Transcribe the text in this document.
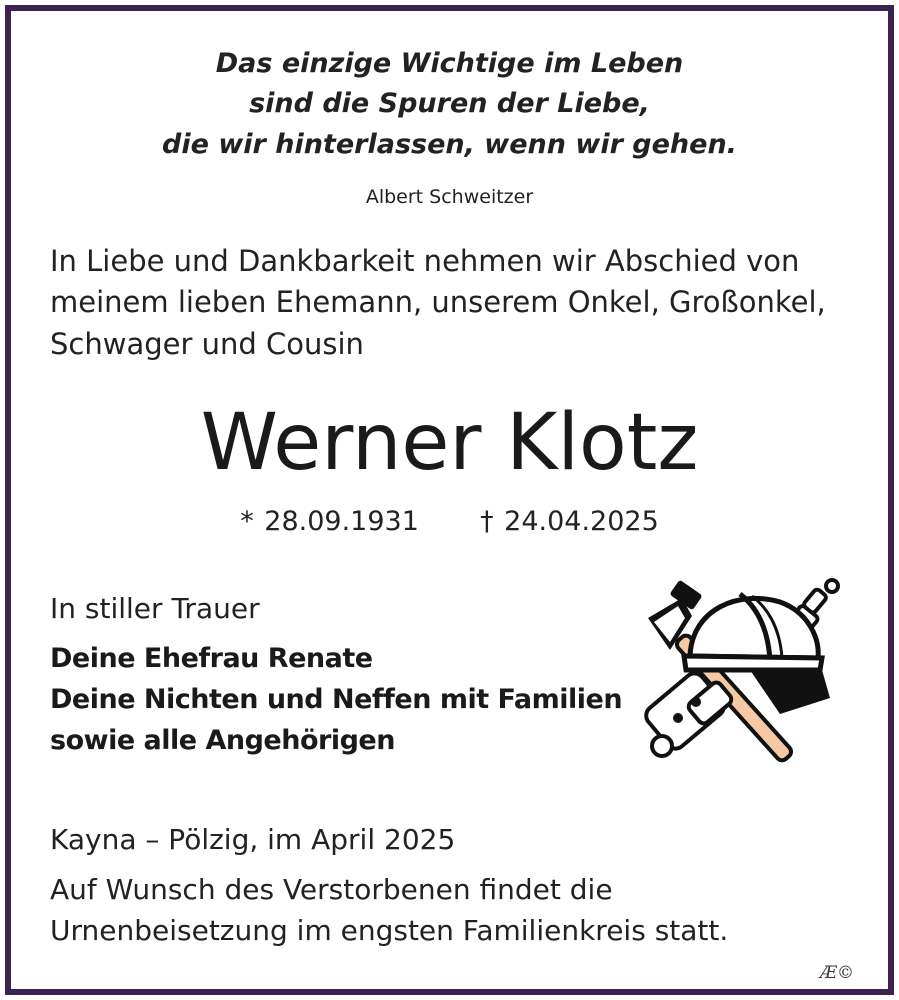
Das einzige Wichtige im Leben
sind die Spuren der Liebe,
die wir hinterlassen, wenn wir gehen.
Albert Schweitzer
In Liebe und Dankbarkeit nehmen wir Abschied von
meinem lieben Ehemann, unserem Onkel, Großonkel,
Schwager und Cousin
Werner Klotz
* 28.09.1931 † 24.04.2025
In stiller Trauer
Deine Ehefrau Renate
Deine Nichten und Neffen mit Familien
sowie alle Angehörigen
Kayna – Pölzig, im April 2025
Auf Wunsch des Verstorbenen findet die
Urnenbeisetzung im engsten Familienkreis statt.
Æ©
